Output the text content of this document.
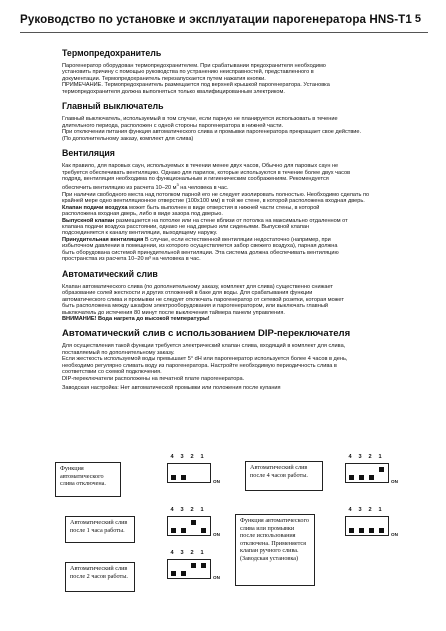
Руководство по установке и эксплуатации парогенератора HNS-T1 5
Термопредохранитель
Парогенератор оборудован термопредохранителем. При срабатывании предохранителя необходимо
установить причину с помощью руководства по устранению неисправностей, представленного в
документации. Термопредохранитель перезапускается путем нажатия кнопки.
ПРИМЕЧАНИЕ. Термопредохранитель размещается под верхней крышкой парогенератора. Установка
термопредохранителя должна выполняться только квалифицированным электриком.
Главный выключатель
Главный выключатель, используемый в том случае, если парную не планируется использовать в течение
длительного периода, расположен с одной стороны парогенератора в нижней части.
При отключении питания функция автоматического слива и промывки парогенератора прекращает свое действие.
(По дополнительному заказу, комплект для слива)
Вентиляция
Как правило, для паровых саун, используемых в течении менее двух часов, Обычно для паровых саун не
требуется обеспечивать вентиляцию. Однако для парилок, которые используются в течение более двух часов
подряд, вентиляция необходима по функциональным и гигиеническим соображениям. Рекомендуется
обеспечить вентиляцию из расчета 10–20 $м^3$ на человека в час.
При наличии свободного места над потолком парной его не следует изолировать полностью. Необходимо сделать по
крайней мере одно вентиляционное отверстие (100x100 мм) в той же стене, в которой расположена входная дверь.
Клапан подачи воздуха может быть выполнен в виде отверстия в нижней части стены, в которой
расположена входная дверь, либо в виде зазора под дверью.
Выпускной клапан размещается на потолке или на стене вблизи от потолка на максимально отдаленном от
клапана подачи воздуха расстоянии, однако не над дверью или сиденьями. Выпускной клапан
подсоединяется к каналу вентиляции, выходящему наружу.
Принудительная вентиляция В случае, если естественной вентиляции недостаточно (например, при
избыточном давлении в помещении, из которого осуществляется забор свежего воздуха), парная должна
быть оборудована системой принудительной вентиляции. Эта система должна обеспечивать вентиляцию
пространства из расчета 10–20 м³ на человека в час.
Автоматический слив
Клапан автоматического слива (по дополнительному заказу, комплект для слива) существенно снижает
образование солей жесткости и других отложений в баке для воды. Для срабатывания функции
автоматического слива и промывки не следует отключать парогенератор от сетевой розетки, которая может
быть расположена между шкафом электрооборудования и парогенератором, или выключать главный
выключатель до истечения 80 минут после выключения таймера панели управления.
ВНИМАНИЕ! Вода нагрета до высокой температуры!
Автоматический слив с использованием DIP-переключателя
Для осуществления такой функции требуется электрический клапан слива, входящий в комплект для слива,
поставляемый по дополнительному заказу.
Если жесткость используемой воды превышает 5° dH или парогенератор используется более 4 часов в день,
необходимо регулярно сливать воду из парогенератора. Настройте необходимую периодичность слива в
соответствии со схемой подключения.
DIP-переключатели расположены на печатной плате парогенератора.
Заводская настройка: Нет автоматической промывки или положения после купания
Функция автоматического слива отключена.
4 3 2 1
ON
Автоматический слив после 4 часов работы.
4 3 2 1
ON
Автоматический слив после 1 часа работы.
4 3 2 1
ON
Функция автоматического слива или промывки после использования отключена. Применяется клапан ручного слива. (Заводская установка)
4 3 2 1
ON
Автоматический слив после 2 часов работы.
4 3 2 1
ON
